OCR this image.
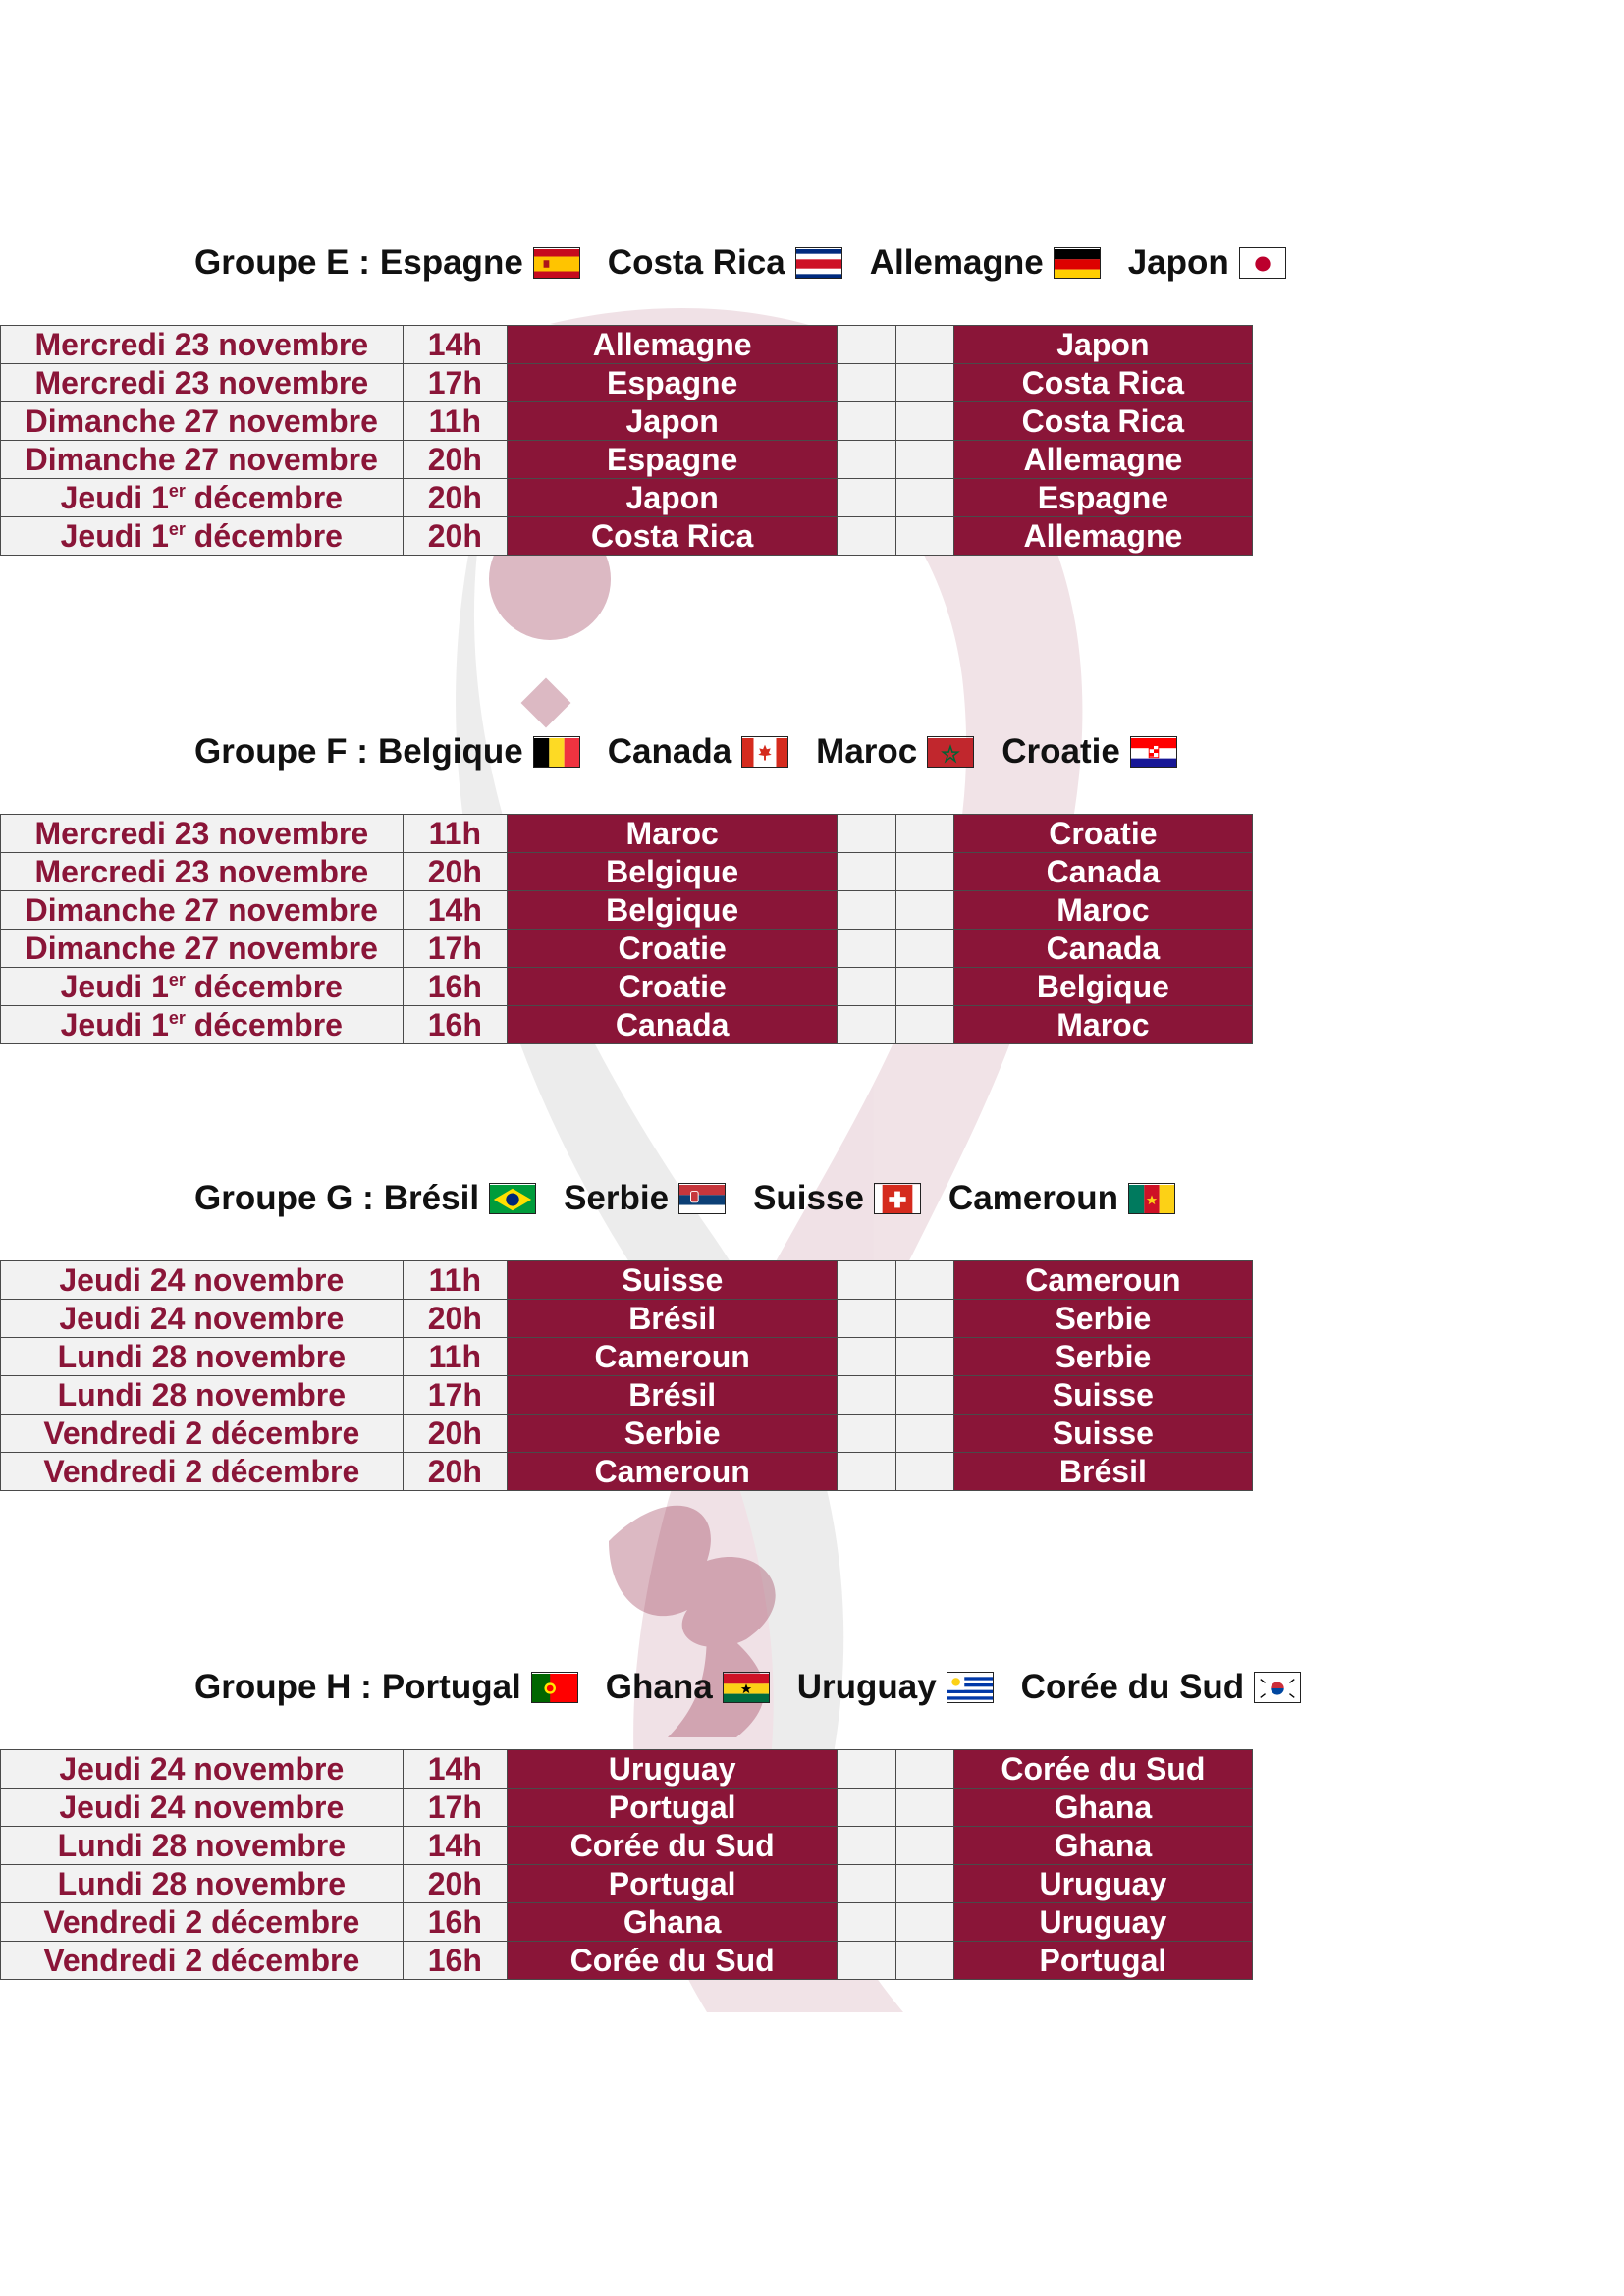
Groupe E : Espagne Costa Rica Allemagne Japon
Mercredi 23 novembre	14h	Allemagne			Japon
Mercredi 23 novembre	17h	Espagne			Costa Rica
Dimanche 27 novembre	11h	Japon			Costa Rica
Dimanche 27 novembre	20h	Espagne			Allemagne
Jeudi 1er décembre	20h	Japon			Espagne
Jeudi 1er décembre	20h	Costa Rica			Allemagne
Groupe F : Belgique Canada Maroc Croatie
Mercredi 23 novembre	11h	Maroc			Croatie
Mercredi 23 novembre	20h	Belgique			Canada
Dimanche 27 novembre	14h	Belgique			Maroc
Dimanche 27 novembre	17h	Croatie			Canada
Jeudi 1er décembre	16h	Croatie			Belgique
Jeudi 1er décembre	16h	Canada			Maroc
Groupe G : Brésil Serbie Suisse Cameroun
Jeudi 24 novembre	11h	Suisse			Cameroun
Jeudi 24 novembre	20h	Brésil			Serbie
Lundi 28 novembre	11h	Cameroun			Serbie
Lundi 28 novembre	17h	Brésil			Suisse
Vendredi 2 décembre	20h	Serbie			Suisse
Vendredi 2 décembre	20h	Cameroun			Brésil
Groupe H : Portugal Ghana Uruguay Corée du Sud
Jeudi 24 novembre	14h	Uruguay			Corée du Sud
Jeudi 24 novembre	17h	Portugal			Ghana
Lundi 28 novembre	14h	Corée du Sud			Ghana
Lundi 28 novembre	20h	Portugal			Uruguay
Vendredi 2 décembre	16h	Ghana			Uruguay
Vendredi 2 décembre	16h	Corée du Sud			Portugal
